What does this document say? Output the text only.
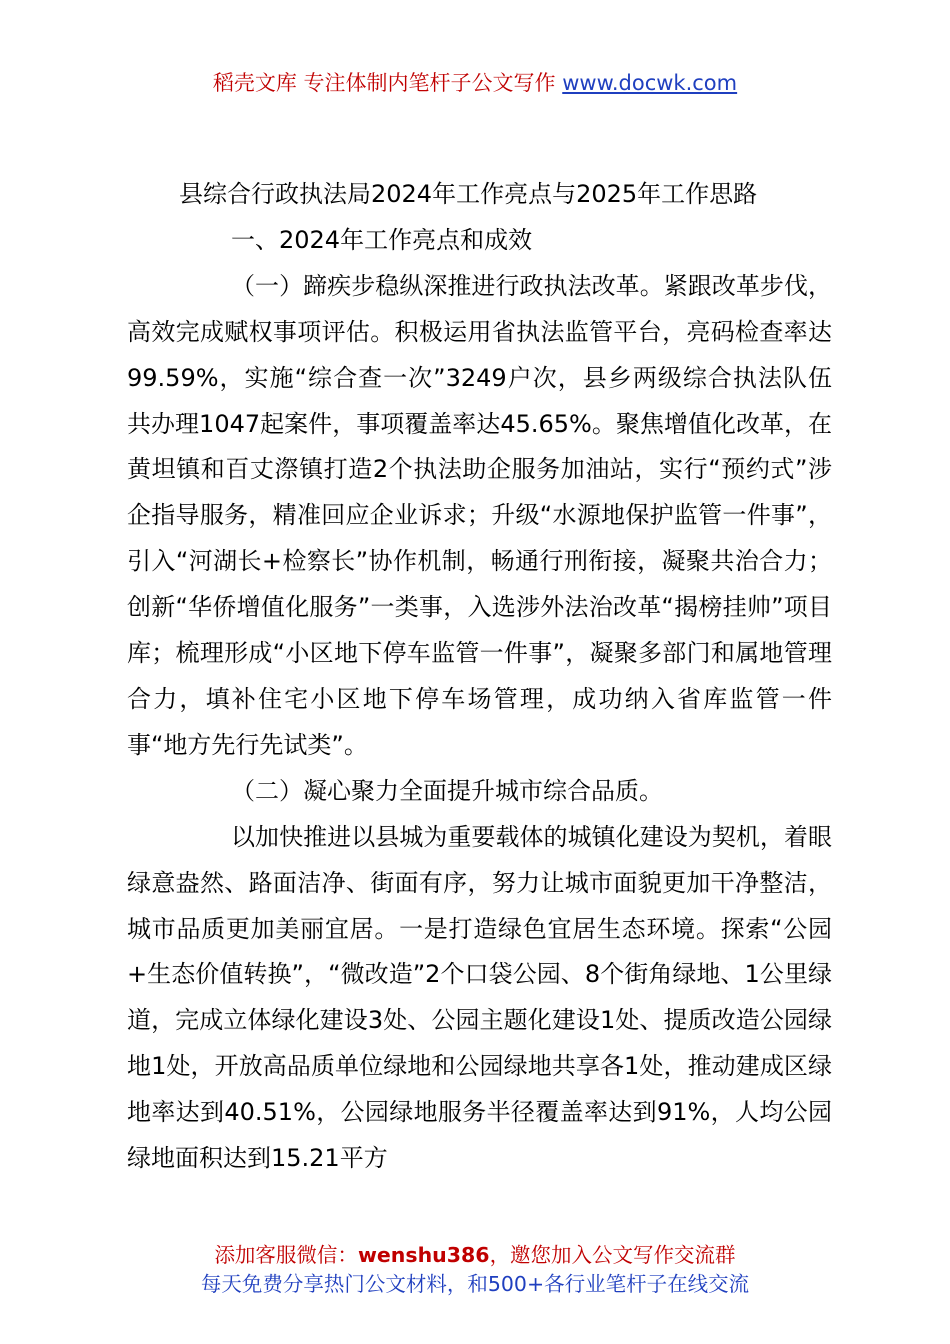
稻壳文库 专注体制内笔杆子公文写作 www.docwk.com

县综合行政执法局2024年工作亮点与2025年工作思路

一、2024年工作亮点和成效

（一）蹄疾步稳纵深推进行政执法改革。紧跟改革步伐，高效完成赋权事项评估。积极运用省执法监管平台，亮码检查率达99.59%，实施“综合查一次”3249户次，县乡两级综合执法队伍共办理1047起案件，事项覆盖率达45.65%。聚焦增值化改革，在黄坦镇和百丈漈镇打造2个执法助企服务加油站，实行“预约式”涉企指导服务，精准回应企业诉求；升级“水源地保护监管一件事”，引入“河湖长+检察长”协作机制，畅通行刑衔接，凝聚共治合力；创新“华侨增值化服务”一类事，入选涉外法治改革“揭榜挂帅”项目库；梳理形成“小区地下停车监管一件事”，凝聚多部门和属地管理合力，填补住宅小区地下停车场管理，成功纳入省库监管一件事“地方先行先试类”。

（二）凝心聚力全面提升城市综合品质。

以加快推进以县城为重要载体的城镇化建设为契机，着眼绿意盎然、路面洁净、街面有序，努力让城市面貌更加干净整洁，城市品质更加美丽宜居。一是打造绿色宜居生态环境。探索“公园+生态价值转换”，“微改造”2个口袋公园、8个街角绿地、1公里绿道，完成立体绿化建设3处、公园主题化建设1处、提质改造公园绿地1处，开放高品质单位绿地和公园绿地共享各1处，推动建成区绿地率达到40.51%，公园绿地服务半径覆盖率达到91%，人均公园绿地面积达到15.21平方

添加客服微信：wenshu386，邀您加入公文写作交流群
每天免费分享热门公文材料，和500+各行业笔杆子在线交流
